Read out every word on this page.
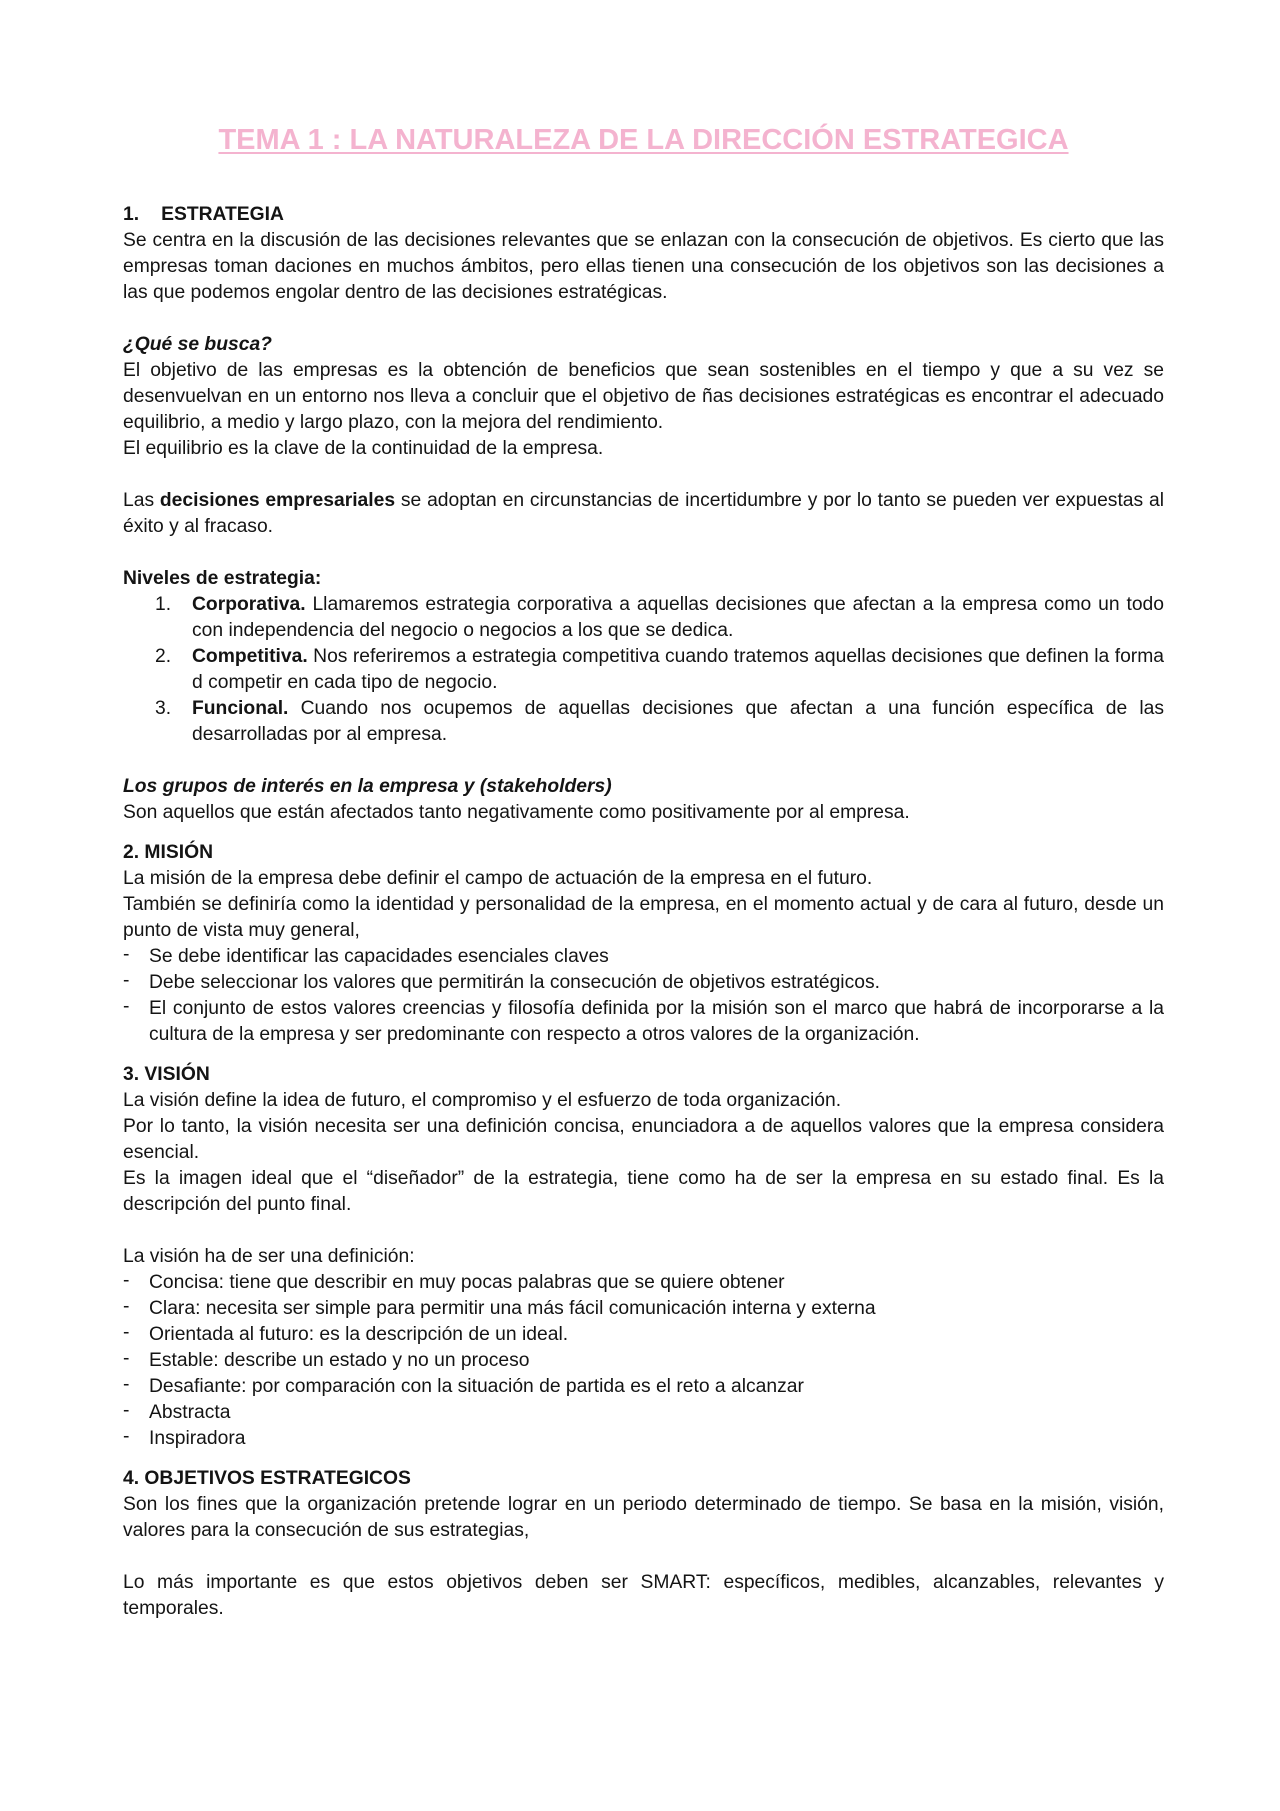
TEMA 1 : LA NATURALEZA DE LA DIRECCIÓN ESTRATEGICA
1. ESTRATEGIA

Se centra en la discusión de las decisiones relevantes que se enlazan con la consecución de objetivos. Es cierto que las empresas toman daciones en muchos ámbitos, pero ellas tienen una consecución de los objetivos son las decisiones a las que podemos engolar dentro de las decisiones estratégicas.

¿Qué se busca?

El objetivo de las empresas es la obtención de beneficios que sean sostenibles en el tiempo y que a su vez se desenvuelvan en un entorno nos lleva a concluir que el objetivo de ñas decisiones estratégicas es encontrar el adecuado equilibrio, a medio y largo plazo, con la mejora del rendimiento.

El equilibrio es la clave de la continuidad de la empresa.

Las decisiones empresariales se adoptan en circunstancias de incertidumbre y por lo tanto se pueden ver expuestas al éxito y al fracaso.

Niveles de estrategia:

1. Corporativa. Llamaremos estrategia corporativa a aquellas decisiones que afectan a la empresa como un todo con independencia del negocio o negocios a los que se dedica.
2. Competitiva. Nos referiremos a estrategia competitiva cuando tratemos aquellas decisiones que definen la forma d competir en cada tipo de negocio.
3. Funcional. Cuando nos ocupemos de aquellas decisiones que afectan a una función específica de las desarrolladas por al empresa.

Los grupos de interés en la empresa y (stakeholders)

Son aquellos que están afectados tanto negativamente como positivamente por al empresa.

2. MISIÓN

La misión de la empresa debe definir el campo de actuación de la empresa en el futuro.

También se definiría como la identidad y personalidad de la empresa, en el momento actual y de cara al futuro, desde un punto de vista muy general,

- Se debe identificar las capacidades esenciales claves
- Debe seleccionar los valores que permitirán la consecución de objetivos estratégicos.
- El conjunto de estos valores creencias y filosofía definida por la misión son el marco que habrá de incorporarse a la cultura de la empresa y ser predominante con respecto a otros valores de la organización.
3. VISIÓN

La visión define la idea de futuro, el compromiso y el esfuerzo de toda organización.

Por lo tanto, la visión necesita ser una definición concisa, enunciadora a de aquellos valores que la empresa considera esencial.

Es la imagen ideal que el “diseñador” de la estrategia, tiene como ha de ser la empresa en su estado final. Es la descripción del punto final.

La visión ha de ser una definición:

- Concisa: tiene que describir en muy pocas palabras que se quiere obtener
- Clara: necesita ser simple para permitir una más fácil comunicación interna y externa
- Orientada al futuro: es la descripción de un ideal.
- Estable: describe un estado y no un proceso
- Desafiante: por comparación con la situación de partida es el reto a alcanzar
- Abstracta
- Inspiradora
4. OBJETIVOS ESTRATEGICOS

Son los fines que la organización pretende lograr en un periodo determinado de tiempo. Se basa en la misión, visión, valores para la consecución de sus estrategias,

Lo más importante es que estos objetivos deben ser SMART: específicos, medibles, alcanzables, relevantes y temporales.
